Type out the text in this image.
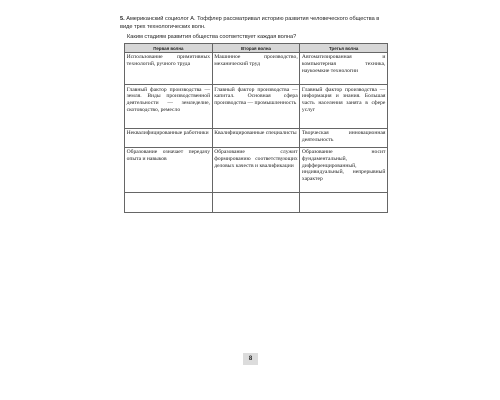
5. Американский социолог А. Тоффлер рассматривал историю развития человеческого общества в виде трех технологических волн.
Каким стадиям развития общества соответствует каждая волна?
Первая волна	Вторая волна	Третья волна
Использование примитивных технологий, ручного труда	Машинное производство, механический труд	Автоматизированная и компьютерная техника, наукоемкие технологии
Главный фактор производства — земля. Виды производственной деятельности — земледелие, скотоводство, ремесло	Главный фактор производства — капитал. Основная сфера производства — промышленность	Главный фактор производства — информация и знания. Большая часть населения занята в сфере услуг
Неквалифицированные работники	Квалифицированные специалисты	Творческая инновационная деятельность
Образование означает передачу опыта и навыков	Образование служит формированию соответствующих деловых качеств и квалификации	Образование носит фундаментальный, дифференцированный, индивидуальный, непрерывный характер

8
